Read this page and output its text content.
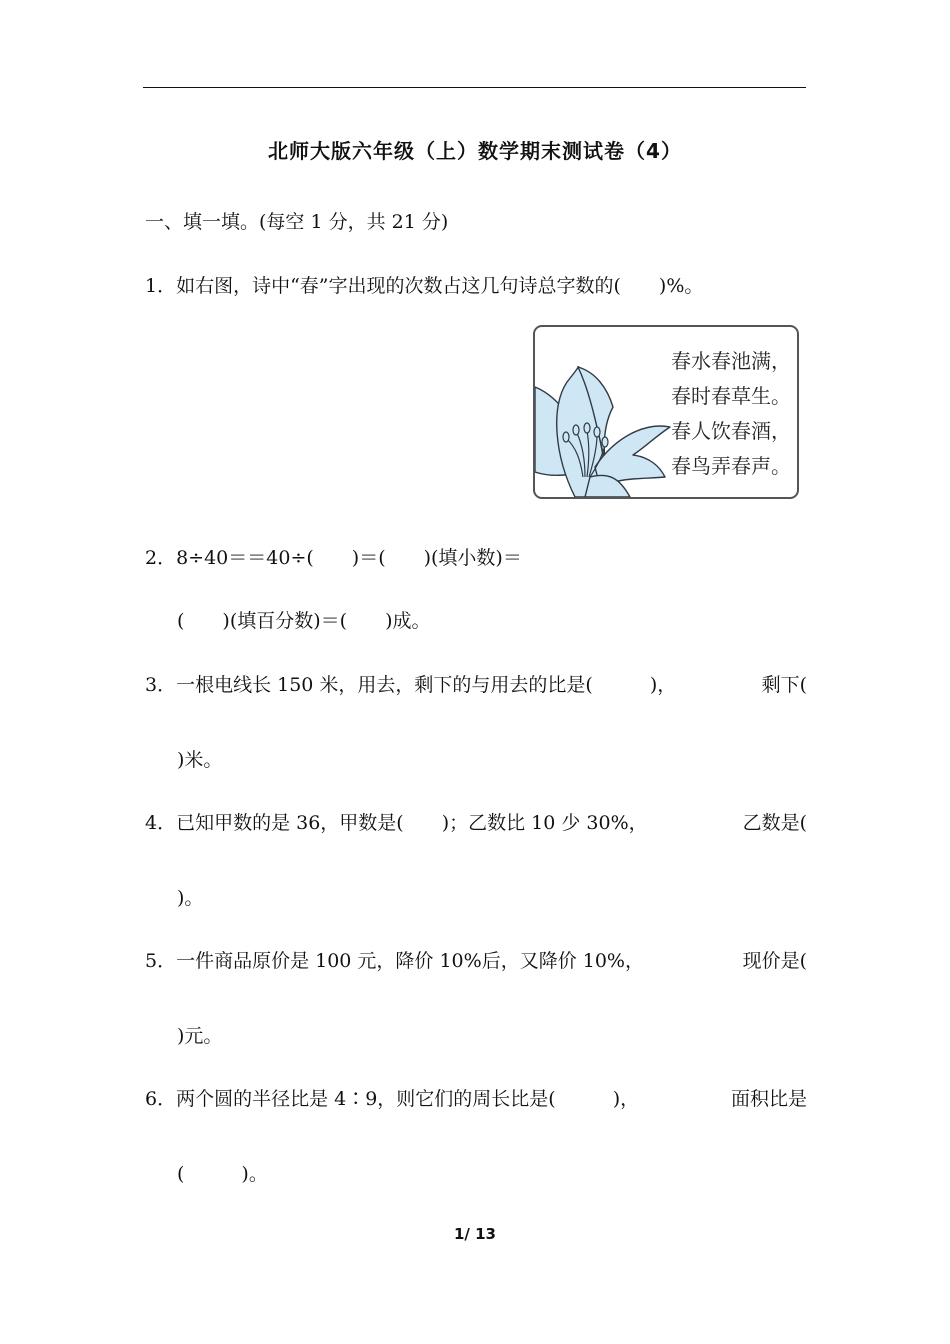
北师大版六年级（上）数学期末测试卷（4）
一、填一填。(每空 1 分，共 21 分)
1．如右图，诗中“春”字出现的次数占这几句诗总字数的(　　)%。
春水春池满，
春时春草生。
春人饮春酒，
春鸟弄春声。
2．8÷40＝＝40÷(　　)＝(　　)(填小数)＝
(　　)(填百分数)＝(　　)成。
3．一根电线长 150 米，用去，剩下的与用去的比是(　　　)，	剩下(
)米。
4．已知甲数的是 36，甲数是(　　)；乙数比 10 少 30%，	乙数是(
)。
5．一件商品原价是 100 元，降价 10%后，又降价 10%，	现价是(
)元。
6．两个圆的半径比是 4∶9，则它们的周长比是(　　　)，	面积比是
(　　　)。
1/ 13
